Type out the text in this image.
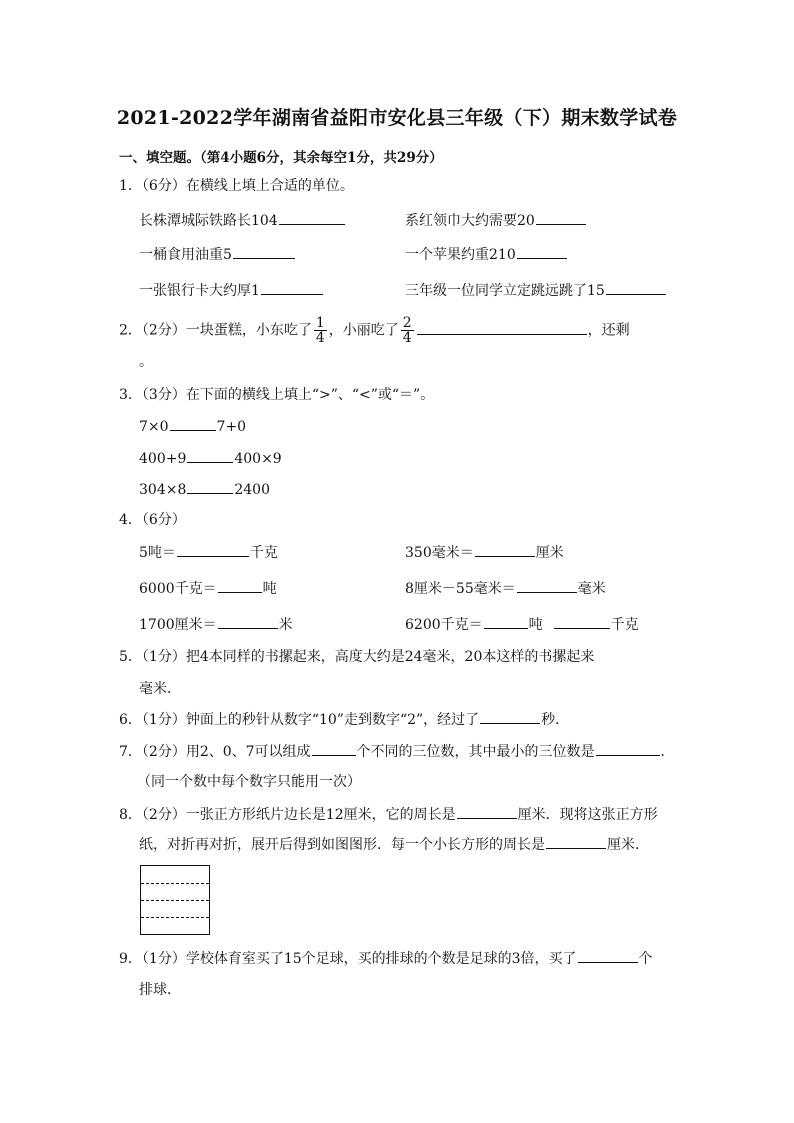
2021-2022学年湖南省益阳市安化县三年级（下）期末数学试卷
一、填空题。（第4小题6分，其余每空1分，共29分）
1．（6分）在横线上填上合适的单位。
长株潭城际铁路长104	系红领巾大约需要20
一桶食用油重5	一个苹果约重210
一张银行卡大约厚1	三年级一位同学立定跳远跳了15
2．（2分）一块蛋糕，小东吃了 $\frac{1}{4}$ ，小丽吃了 $\frac{2}{4}$	，还剩
。
3．（3分）在下面的横线上填上“>”、“<”或“＝”。
7×0	7+0
400+9	400×9
304×8	2400
4．（6分）
5吨＝	千克	350毫米＝	厘米
6000千克＝	吨	8厘米－55毫米＝	毫米
1700厘米＝	米	6200千克＝	吨	千克
5．（1分）把4本同样的书摞起来，高度大约是24毫米，20本这样的书摞起来
毫米．
6．（1分）钟面上的秒针从数字“10”走到数字“2”，经过了	秒．
7．（2分）用2、0、7可以组成	个不同的三位数，其中最小的三位数是	．
（同一个数中每个数字只能用一次）
8．（2分）一张正方形纸片边长是12厘米，它的周长是	厘米．现将这张正方形
纸，对折再对折，展开后得到如图图形．每一个小长方形的周长是	厘米．
9．（1分）学校体育室买了15个足球，买的排球的个数是足球的3倍，买了	个
排球．
